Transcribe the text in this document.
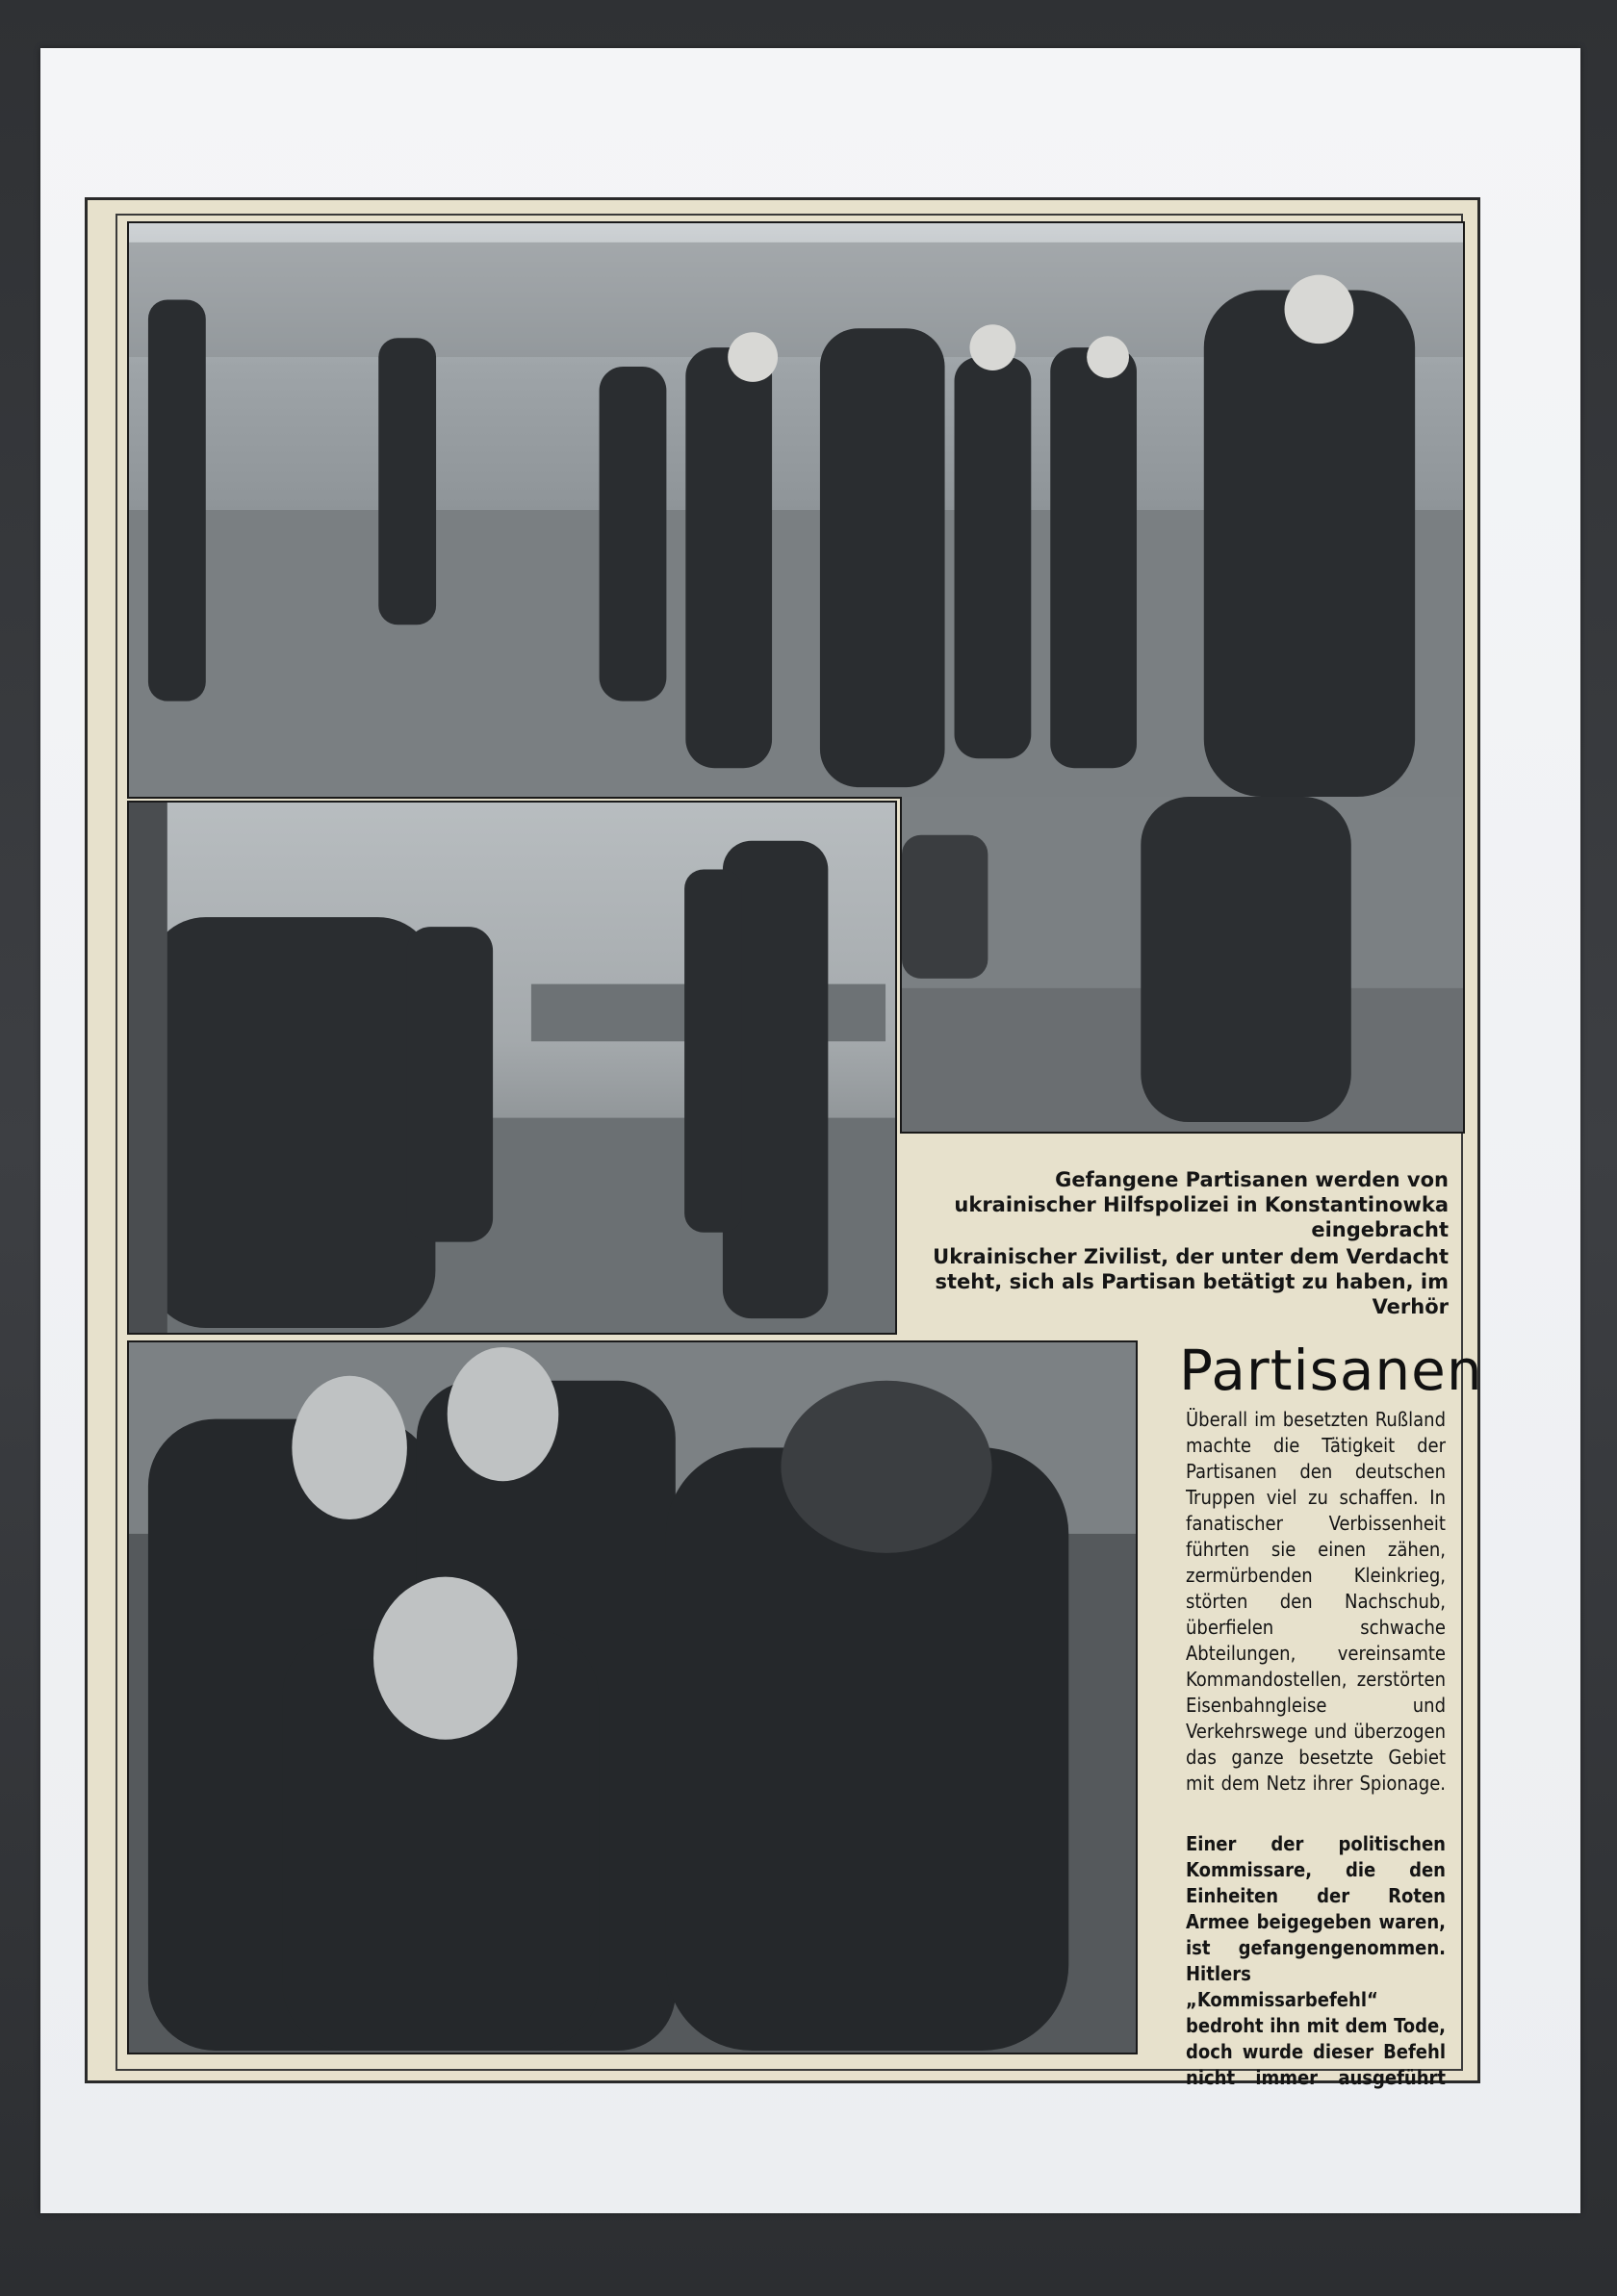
Gefangene Partisanen werden von ukrainischer Hilfspolizei in Konstantinowka eingebracht
Ukrainischer Zivilist, der unter dem Verdacht steht, sich als Partisan betätigt zu haben, im Verhör
Partisanen
Überall im besetzten Rußland machte die Tätigkeit der Partisanen den deutschen Truppen viel zu schaffen. In fanatischer Verbissenheit führten sie einen zähen, zermürbenden Kleinkrieg, störten den Nachschub, überfielen schwache Abteilungen, vereinsamte Kommandostellen, zerstörten Eisenbahngleise und Verkehrswege und überzogen das ganze besetzte Gebiet mit dem Netz ihrer Spionage.
Einer der politischen Kommissare, die den Einheiten der Roten Armee beigegeben waren, ist gefangengenommen. Hitlers „Kommissarbefehl“ bedroht ihn mit dem Tode, doch wurde dieser Befehl nicht immer ausgeführt
